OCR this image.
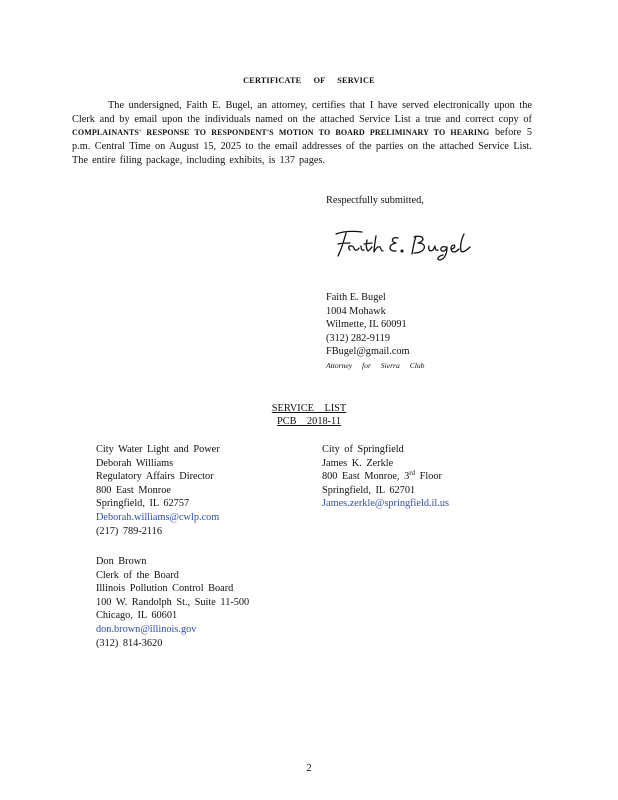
CERTIFICATE OF SERVICE
The undersigned, Faith E. Bugel, an attorney, certifies that I have served electronically upon the Clerk and by email upon the individuals named on the attached Service List a true and correct copy of COMPLAINANTS' RESPONSE TO RESPONDENT'S MOTION TO BOARD PRELIMINARY TO HEARING before 5 p.m. Central Time on August 15, 2025 to the email addresses of the parties on the attached Service List. The entire filing package, including exhibits, is 137 pages.
Respectfully submitted,
Faith E. Bugel
1004 Mohawk
Wilmette, IL 60091
(312) 282-9119
FBugel@gmail.com
Attorney for Sierra Club
SERVICE LIST
PCB 2018-11
City Water Light and Power
Deborah Williams
Regulatory Affairs Director
800 East Monroe
Springfield, IL 62757
Deborah.williams@cwlp.com
(217) 789-2116
City of Springfield
James K. Zerkle
800 East Monroe, 3rd Floor
Springfield, IL 62701
James.zerkle@springfield.il.us
Don Brown
Clerk of the Board
Illinois Pollution Control Board
100 W. Randolph St., Suite 11-500
Chicago, IL 60601
don.brown@illinois.gov
(312) 814-3620
2
